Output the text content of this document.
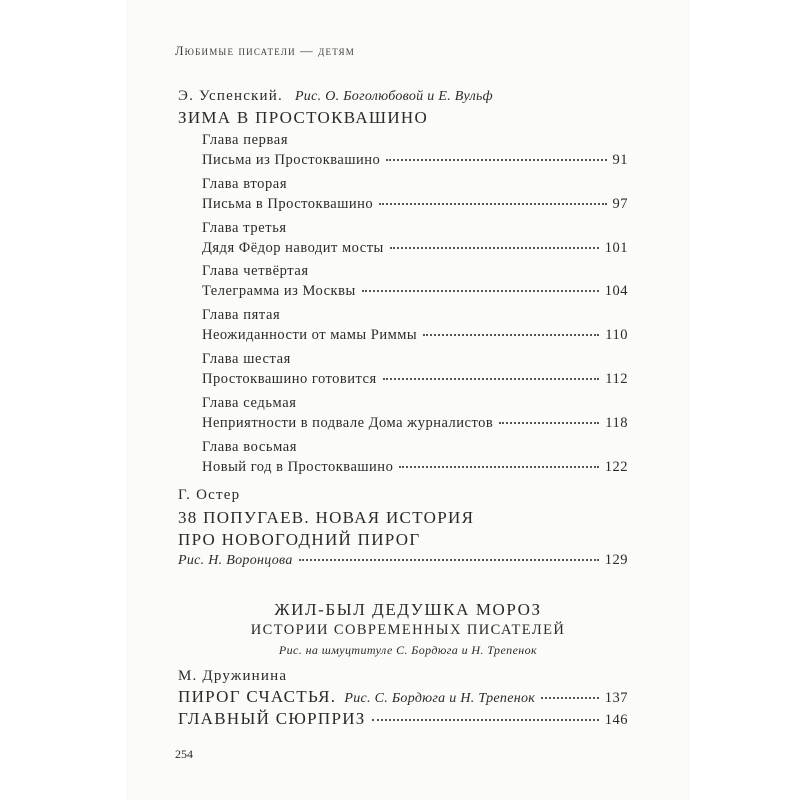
Любимые писатели — детям
Э. Успенский. Рис. О. Боголюбовой и Е. Вульф
ЗИМА В ПРОСТОКВАШИНО
Глава первая
Письма из Простоквашино	91
Глава вторая
Письма в Простоквашино	97
Глава третья
Дядя Фёдор наводит мосты	101
Глава четвёртая
Телеграмма из Москвы	104
Глава пятая
Неожиданности от мамы Риммы	110
Глава шестая
Простоквашино готовится	112
Глава седьмая
Неприятности в подвале Дома журналистов	118
Глава восьмая
Новый год в Простоквашино	122
Г. Остер
38 ПОПУГАЕВ. НОВАЯ ИСТОРИЯ
ПРО НОВОГОДНИЙ ПИРОГ
Рис. Н. Воронцова	129
ЖИЛ-БЫЛ ДЕДУШКА МОРОЗ
ИСТОРИИ СОВРЕМЕННЫХ ПИСАТЕЛЕЙ
Рис. на шмуцтитуле С. Бордюга и Н. Трепенок
М. Дружинина
ПИРОГ СЧАСТЬЯ. Рис. С. Бордюга и Н. Трепенок	137
ГЛАВНЫЙ СЮРПРИЗ	146
254
